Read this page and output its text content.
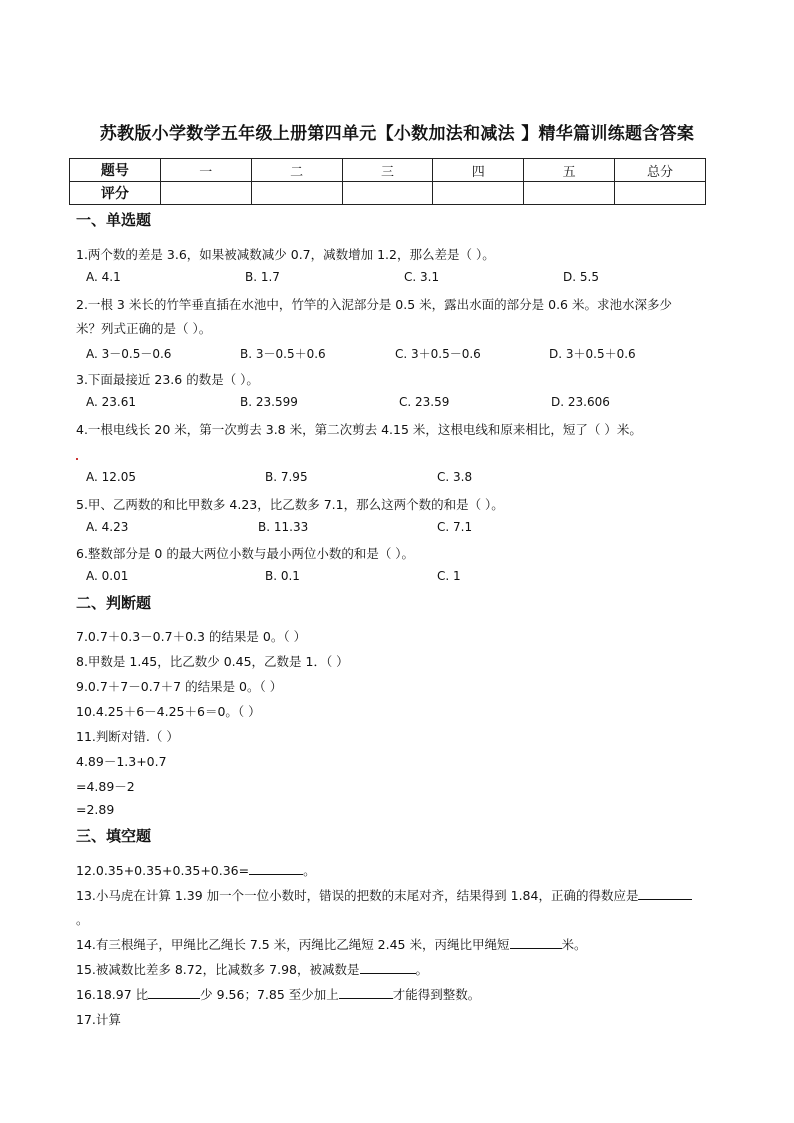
苏教版小学数学五年级上册第四单元【小数加法和减法 】精华篇训练题含答案
题号	一	二	三	四	五	总分
评分						
一、单选题
1.两个数的差是 3.6，如果被减数减少 0.7，减数增加 1.2，那么差是（ ）。
A. 4.1	B. 1.7	C. 3.1	D. 5.5
2.一根 3 米长的竹竿垂直插在水池中，竹竿的入泥部分是 0.5 米，露出水面的部分是 0.6 米。求池水深多少
米？列式正确的是（ ）。
A. 3－0.5－0.6	B. 3－0.5＋0.6	C. 3＋0.5－0.6	D. 3＋0.5＋0.6
3.下面最接近 23.6 的数是（ ）。
A. 23.61	B. 23.599	C. 23.59	D. 23.606
4.一根电线长 20 米，第一次剪去 3.8 米，第二次剪去 4.15 米，这根电线和原来相比，短了（ ）米。
A. 12.05	B. 7.95	C. 3.8
5.甲、乙两数的和比甲数多 4.23，比乙数多 7.1，那么这两个数的和是（ ）。
A. 4.23	B. 11.33	C. 7.1
6.整数部分是 0 的最大两位小数与最小两位小数的和是（ ）。
A. 0.01	B. 0.1	C. 1
二、判断题
7.0.7＋0.3－0.7＋0.3 的结果是 0。（ ）
8.甲数是 1.45，比乙数少 0.45，乙数是 1．（ ）
9.0.7＋7－0.7＋7 的结果是 0。（ ）
10.4.25＋6－4.25＋6＝0。（ ）
11.判断对错.（ ）
4.89－1.3+0.7
=4.89－2
=2.89
三、填空题
12.0.35+0.35+0.35+0.36=	。
13.小马虎在计算 1.39 加一个一位小数时，错误的把数的末尾对齐，结果得到 1.84，正确的得数应是
。
14.有三根绳子，甲绳比乙绳长 7.5 米，丙绳比乙绳短 2.45 米，丙绳比甲绳短	米。
15.被减数比差多 8.72，比减数多 7.98，被减数是	。
16.18.97 比	少 9.56；7.85 至少加上	才能得到整数。
17.计算
